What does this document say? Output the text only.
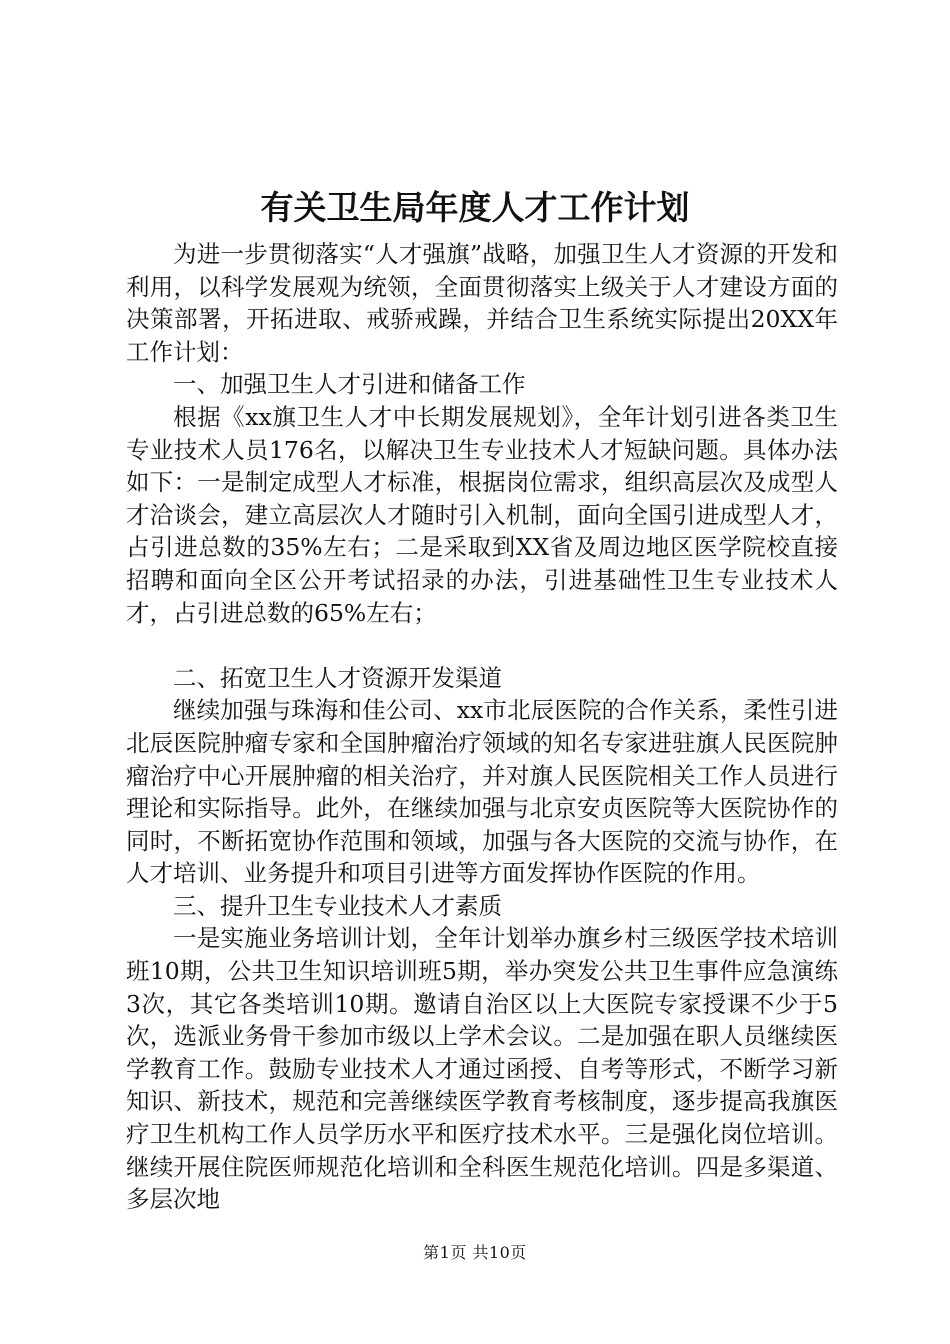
有关卫生局年度人才工作计划

为进一步贯彻落实“人才强旗”战略，加强卫生人才资源的开发和利用，以科学发展观为统领，全面贯彻落实上级关于人才建设方面的决策部署，开拓进取、戒骄戒躁，并结合卫生系统实际提出20XX年工作计划：

一、加强卫生人才引进和储备工作

根据《xx旗卫生人才中长期发展规划》，全年计划引进各类卫生专业技术人员176名，以解决卫生专业技术人才短缺问题。具体办法如下：一是制定成型人才标准，根据岗位需求，组织高层次及成型人才洽谈会，建立高层次人才随时引入机制，面向全国引进成型人才，占引进总数的35%左右；二是采取到XX省及周边地区医学院校直接招聘和面向全区公开考试招录的办法，引进基础性卫生专业技术人才，占引进总数的65%左右；

二、拓宽卫生人才资源开发渠道

继续加强与珠海和佳公司、xx市北辰医院的合作关系，柔性引进北辰医院肿瘤专家和全国肿瘤治疗领域的知名专家进驻旗人民医院肿瘤治疗中心开展肿瘤的相关治疗，并对旗人民医院相关工作人员进行理论和实际指导。此外，在继续加强与北京安贞医院等大医院协作的同时，不断拓宽协作范围和领域，加强与各大医院的交流与协作，在人才培训、业务提升和项目引进等方面发挥协作医院的作用。

三、提升卫生专业技术人才素质

一是实施业务培训计划，全年计划举办旗乡村三级医学技术培训班10期，公共卫生知识培训班5期，举办突发公共卫生事件应急演练3次，其它各类培训10期。邀请自治区以上大医院专家授课不少于5次，选派业务骨干参加市级以上学术会议。二是加强在职人员继续医学教育工作。鼓励专业技术人才通过函授、自考等形式，不断学习新知识、新技术，规范和完善继续医学教育考核制度，逐步提高我旗医疗卫生机构工作人员学历水平和医疗技术水平。三是强化岗位培训。继续开展住院医师规范化培训和全科医生规范化培训。四是多渠道、多层次地

第1页 共10页
